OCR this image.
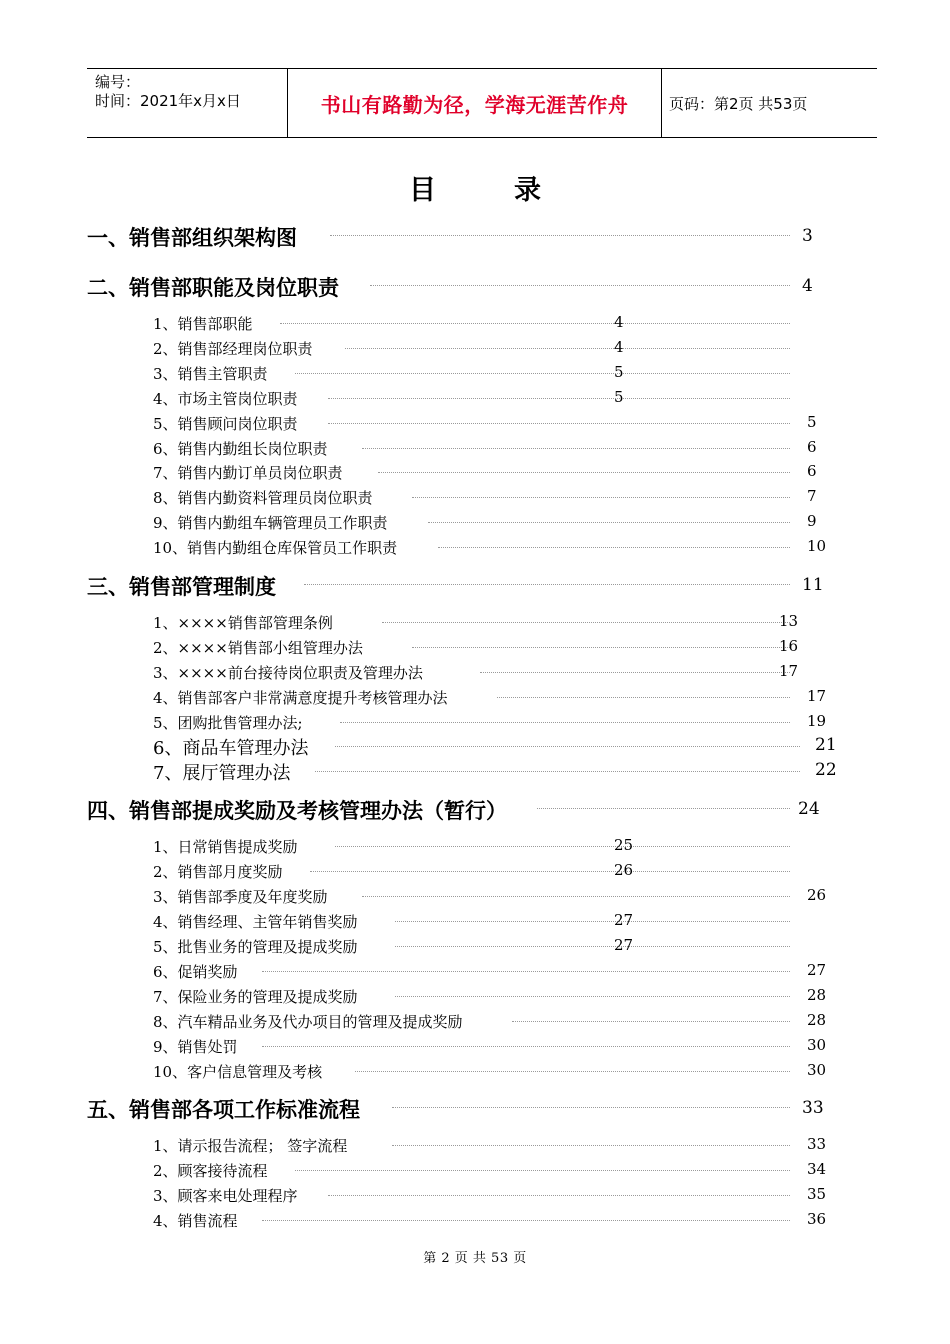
编号：
时间：2021年x月x日	书山有路勤为径，学海无涯苦作舟	页码：第2页 共53页
目	录
一、销售部组织架构图	3
二、销售部职能及岗位职责	4
1、销售部职能	4
2、销售部经理岗位职责	4
3、销售主管职责	5
4、市场主管岗位职责	5
5、销售顾问岗位职责	5
6、销售内勤组长岗位职责	6
7、销售内勤订单员岗位职责	6
8、销售内勤资料管理员岗位职责	7
9、销售内勤组车辆管理员工作职责	9
10、销售内勤组仓库保管员工作职责	10
三、销售部管理制度	11
1、××××销售部管理条例	13
2、××××销售部小组管理办法	16
3、××××前台接待岗位职责及管理办法	17
4、销售部客户非常满意度提升考核管理办法	17
5、团购批售管理办法;	19
6、商品车管理办法	21
7、展厅管理办法	22
四、销售部提成奖励及考核管理办法（暂行）	24
1、日常销售提成奖励	25
2、销售部月度奖励	26
3、销售部季度及年度奖励	26
4、销售经理、主管年销售奖励	27
5、批售业务的管理及提成奖励	27
6、促销奖励	27
7、保险业务的管理及提成奖励	28
8、汽车精品业务及代办项目的管理及提成奖励	28
9、销售处罚	30
10、客户信息管理及考核	30
五、销售部各项工作标准流程	33
1、请示报告流程； 签字流程	33
2、顾客接待流程	34
3、顾客来电处理程序	35
4、销售流程	36
第 2 页 共 53 页
